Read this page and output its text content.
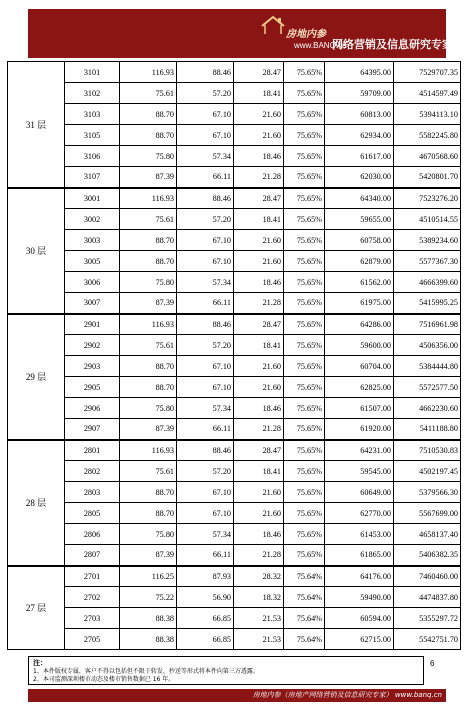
房地内参
www.BANQ.cn
网络营销及信息研究专家
31 层	3101	116.93	88.46	28.47	75.65%	64395.00	7529707.35
	3102	75.61	57.20	18.41	75.65%	59709.00	4514597.49
	3103	88.70	67.10	21.60	75.65%	60813.00	5394113.10
	3105	88.70	67.10	21.60	75.65%	62934.00	5582245.80
	3106	75.80	57.34	18.46	75.65%	61617.00	4670568.60
	3107	87.39	66.11	21.28	75.65%	62030.00	5420801.70
30 层	3001	116.93	88.46	28.47	75.65%	64340.00	7523276.20
	3002	75.61	57.20	18.41	75.65%	59655.00	4510514.55
	3003	88.70	67.10	21.60	75.65%	60758.00	5389234.60
	3005	88.70	67.10	21.60	75.65%	62879.00	5577367.30
	3006	75.80	57.34	18.46	75.65%	61562.00	4666399.60
	3007	87.39	66.11	21.28	75.65%	61975.00	5415995.25
29 层	2901	116.93	88.46	28.47	75.65%	64286.00	7516961.98
	2902	75.61	57.20	18.41	75.65%	59600.00	4506356.00
	2903	88.70	67.10	21.60	75.65%	60704.00	5384444.80
	2905	88.70	67.10	21.60	75.65%	62825.00	5572577.50
	2906	75.80	57.34	18.46	75.65%	61507.00	4662230.60
	2907	87.39	66.11	21.28	75.65%	61920.00	5411188.80
28 层	2801	116.93	88.46	28.47	75.65%	64231.00	7510530.83
	2802	75.61	57.20	18.41	75.65%	59545.00	4502197.45
	2803	88.70	67.10	21.60	75.65%	60649.00	5379566.30
	2805	88.70	67.10	21.60	75.65%	62770.00	5567699.00
	2806	75.80	57.34	18.46	75.65%	61453.00	4658137.40
	2807	87.39	66.11	21.28	75.65%	61865.00	5406382.35
27 层	2701	116.25	87.93	28.32	75.64%	64176.00	7460460.00
	2702	75.22	56.90	18.32	75.64%	59490.00	4474837.80
	2703	88.38	66.85	21.53	75.64%	60594.00	5355297.72
	2705	88.38	66.85	21.53	75.64%	62715.00	5542751.70
注：
1、本件版权专属，客户不得以包括但不限于转发、抄送等形式将本件向第三方透露。
2、本司监测深圳楼市动态及楼市销售数据已 16 年。
6
房地内参（房地产网络营销及信息研究专家） www.banq.cn
